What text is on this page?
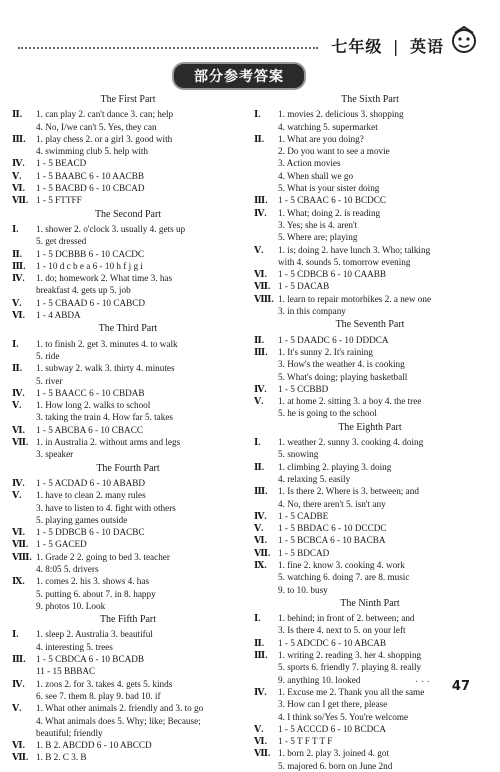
七年级 | 英语
部分参考答案
The First Part
Ⅱ. 1. can play 2. can't dance 3. can; help
4. No, I/we can't 5. Yes, they can
Ⅲ. 1. play chess 2. or a girl 3. good with
4. swimming club 5. help with
Ⅳ. 1 - 5 BEACD
Ⅴ. 1 - 5 BAABC 6 - 10 AACBB
Ⅵ. 1 - 5 BACBD 6 - 10 CBCAD
Ⅶ. 1 - 5 FTTFF
The Second Part
Ⅰ. 1. shower 2. o'clock 3. usually 4. gets up
5. get dressed
Ⅱ. 1 - 5 DCBBB 6 - 10 CACDC
Ⅲ. 1 - 10 d c b e a 6 - 10 h f j g i
Ⅳ. 1. do; homework 2. What time 3. has
breakfast 4. gets up 5. job
Ⅴ. 1 - 5 CBAAD 6 - 10 CABCD
Ⅵ. 1 - 4 ABDA
The Third Part
Ⅰ. 1. to finish 2. get 3. minutes 4. to walk
5. ride
Ⅱ. 1. subway 2. walk 3. thirty 4. minutes
5. river
Ⅳ. 1 - 5 BAACC 6 - 10 CBDAB
Ⅴ. 1. How long 2. walks to school
3. taking the train 4. How far 5. takes
Ⅵ. 1 - 5 ABCBA 6 - 10 CBACC
Ⅶ. 1. in Australia 2. without arms and legs
3. speaker
The Fourth Part
Ⅳ. 1 - 5 ACDAD 6 - 10 ABABD
Ⅴ. 1. have to clean 2. many rules
3. have to listen to 4. fight with others
5. playing games outside
Ⅵ. 1 - 5 DDBCB 6 - 10 DACBC
Ⅶ. 1 - 5 GACED
Ⅷ. 1. Grade 2 2. going to bed 3. teacher
4. 8:05 5. drivers
Ⅸ. 1. comes 2. his 3. shows 4. has
5. putting 6. about 7. in 8. happy
9. photos 10. Look
The Fifth Part
Ⅰ. 1. sleep 2. Australia 3. beautiful
4. interesting 5. trees
Ⅲ. 1 - 5 CBDCA 6 - 10 BCADB
11 - 15 BBBAC
Ⅳ. 1. zoos 2. for 3. takes 4. gets 5. kinds
6. see 7. them 8. play 9. bad 10. if
Ⅴ. 1. What other animals 2. friendly and 3. to go
4. What animals does 5. Why; like; Because;
beautiful; friendly
Ⅵ. 1. B 2. ABCDD 6 - 10 ABCCD
Ⅶ. 1. B 2. C 3. B
The Sixth Part
Ⅰ. 1. movies 2. delicious 3. shopping
4. watching 5. supermarket
Ⅱ. 1. What are you doing?
2. Do you want to see a movie
3. Action movies
4. When shall we go
5. What is your sister doing
Ⅲ. 1 - 5 CBAAC 6 - 10 BCDCC
Ⅳ. 1. What; doing 2. is reading
3. Yes; she is 4. aren't
5. Where are; playing
Ⅴ. 1. is; doing 2. have lunch 3. Who; talking
with 4. sounds 5. tomorrow evening
Ⅵ. 1 - 5 CDBCB 6 - 10 CAABB
Ⅶ. 1 - 5 DACAB
Ⅷ. 1. learn to repair motorbikes 2. a new one
3. in this company
The Seventh Part
Ⅱ. 1 - 5 DAADC 6 - 10 DDDCA
Ⅲ. 1. It's sunny 2. It's raining
3. How's the weather 4. is cooking
5. What's doing; playing basketball
Ⅳ. 1 - 5 CCBBD
Ⅴ. 1. at home 2. sitting 3. a boy 4. the tree
5. he is going to the school
The Eighth Part
Ⅰ. 1. weather 2. sunny 3. cooking 4. doing
5. snowing
Ⅱ. 1. climbing 2. playing 3. doing
4. relaxing 5. easily
Ⅲ. 1. Is there 2. Where is 3. between; and
4. No, there aren't 5. isn't any
Ⅳ. 1 - 5 CADBE
Ⅴ. 1 - 5 BBDAC 6 - 10 DCCDC
Ⅵ. 1 - 5 BCBCA 6 - 10 BACBA
Ⅶ. 1 - 5 BDCAD
Ⅸ. 1. fine 2. know 3. cooking 4. work
5. watching 6. doing 7. are 8. music
9. to 10. busy
The Ninth Part
Ⅰ. 1. behind; in front of 2. between; and
3. Is there 4. next to 5. on your left
Ⅱ. 1 - 5 ADCDC 6 - 10 ABCAB
Ⅲ. 1. writing 2. reading 3. her 4. shopping
5. sports 6. friendly 7. playing 8. really
9. anything 10. looked
Ⅳ. 1. Excuse me 2. Thank you all the same
3. How can I get there, please
4. I think so/Yes 5. You're welcome
Ⅴ. 1 - 5 ACCCD 6 - 10 BCDCA
Ⅵ. 1 - 5 T F T T F
Ⅶ. 1. born 2. play 3. joined 4. got
5. majored 6. born on June 2nd
· · · 47
